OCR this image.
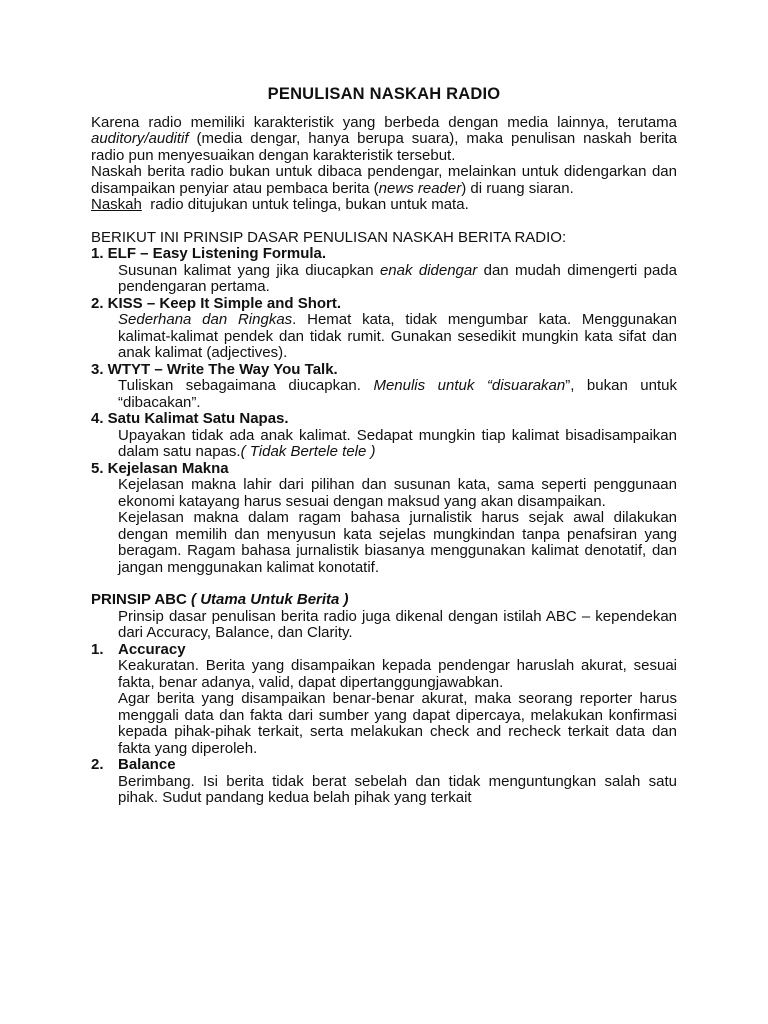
PENULISAN NASKAH RADIO

Karena radio memiliki karakteristik yang berbeda dengan media lainnya, terutama auditory/auditif (media dengar, hanya berupa suara), maka penulisan naskah berita radio pun menyesuaikan dengan karakteristik tersebut.

Naskah berita radio bukan untuk dibaca pendengar, melainkan untuk didengarkan dan disampaikan penyiar atau pembaca berita (news reader) di ruang siaran.

Naskah  radio ditujukan untuk telinga, bukan untuk mata.

BERIKUT INI PRINSIP DASAR PENULISAN NASKAH BERITA RADIO:

1. ELF – Easy Listening Formula.

Susunan kalimat yang jika diucapkan enak didengar dan mudah dimengerti pada pendengaran pertama.

2. KISS – Keep It Simple and Short.

Sederhana dan Ringkas. Hemat kata, tidak mengumbar kata. Menggunakan kalimat-kalimat pendek dan tidak rumit. Gunakan sesedikit mungkin kata sifat dan anak kalimat (adjectives).

3. WTYT – Write The Way You Talk.

Tuliskan sebagaimana diucapkan. Menulis untuk “disuarakan”, bukan untuk “dibacakan”.

4. Satu Kalimat Satu Napas.

Upayakan tidak ada anak kalimat. Sedapat mungkin tiap kalimat bisadisampaikan dalam satu napas.( Tidak Bertele tele )

5. Kejelasan Makna

Kejelasan makna lahir dari pilihan dan susunan kata, sama seperti penggunaan ekonomi katayang harus sesuai dengan maksud yang akan disampaikan.

Kejelasan makna dalam ragam bahasa jurnalistik harus sejak awal dilakukan dengan memilih dan menyusun kata sejelas mungkindan tanpa penafsiran yang beragam. Ragam bahasa jurnalistik biasanya menggunakan kalimat denotatif, dan jangan menggunakan kalimat konotatif.

PRINSIP ABC ( Utama Untuk Berita )

Prinsip dasar penulisan berita radio juga dikenal dengan istilah ABC – kependekan dari Accuracy, Balance, dan Clarity.

1. Accuracy

Keakuratan. Berita yang disampaikan kepada pendengar haruslah akurat, sesuai fakta, benar adanya, valid, dapat dipertanggungjawabkan.

Agar berita yang disampaikan benar-benar akurat, maka seorang reporter harus menggali data dan fakta dari sumber yang dapat dipercaya, melakukan konfirmasi kepada pihak-pihak terkait, serta melakukan check and recheck terkait data dan fakta yang diperoleh.

2. Balance

Berimbang. Isi berita tidak berat sebelah dan tidak menguntungkan salah satu pihak. Sudut pandang kedua belah pihak yang terkait
